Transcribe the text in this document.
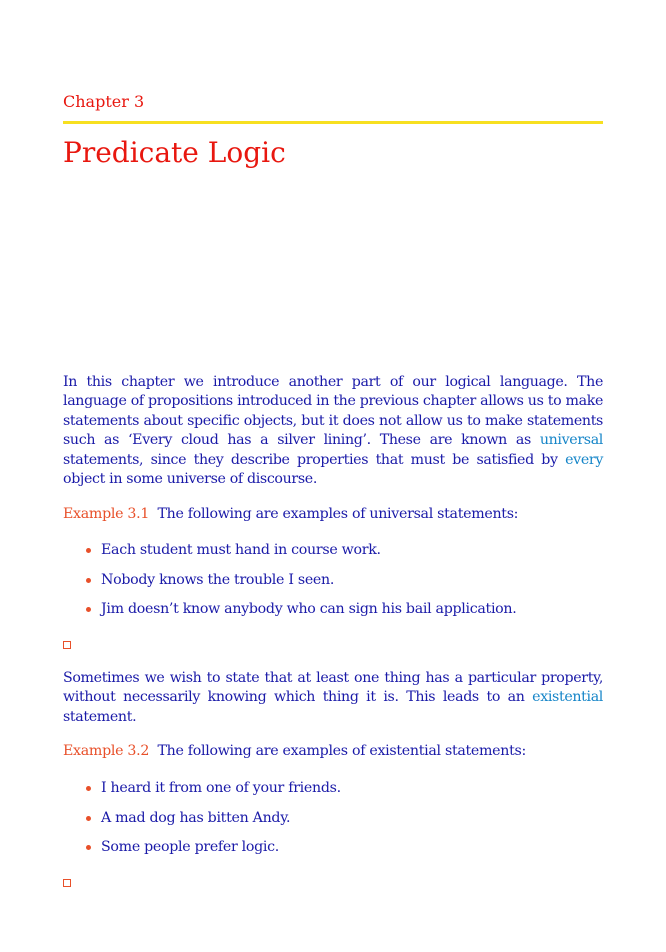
Chapter 3
Predicate Logic

In this chapter we introduce another part of our logical language. The language of propositions introduced in the previous chapter allows us to make statements about specific objects, but it does not allow us to make statements such as ‘Every cloud has a silver lining’. These are known as universal statements, since they describe properties that must be satisfied by every object in some universe of discourse.

Example 3.1 The following are examples of universal statements:
Each student must hand in course work.
Nobody knows the trouble I seen.
Jim doesn’t know anybody who can sign his bail application.

Sometimes we wish to state that at least one thing has a particular property, without necessarily knowing which thing it is. This leads to an existential statement.

Example 3.2 The following are examples of existential statements:
I heard it from one of your friends.
A mad dog has bitten Andy.
Some people prefer logic.
